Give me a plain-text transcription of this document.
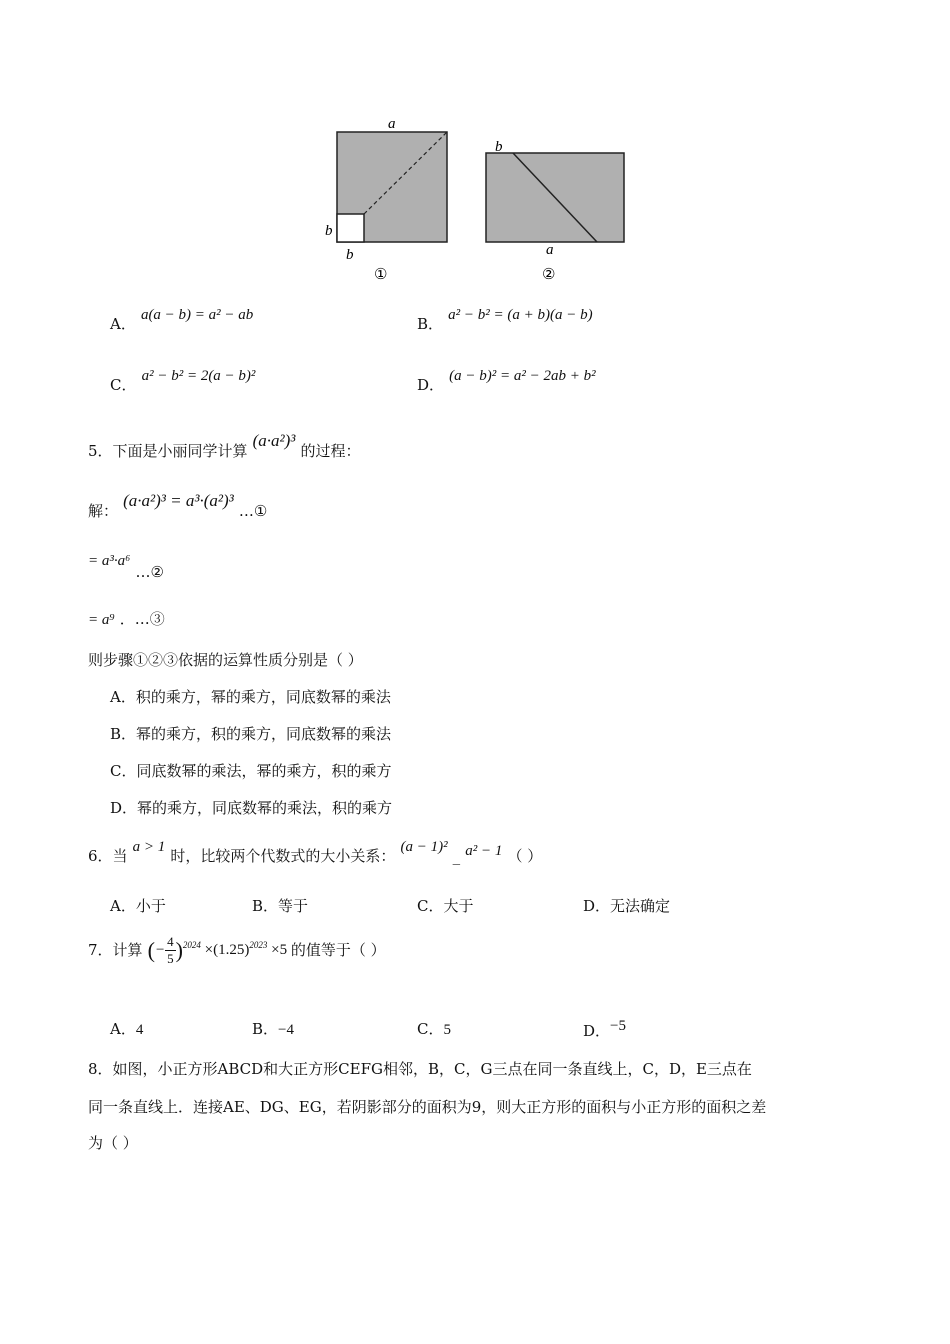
a
b
b
①
b
a
②
A． a(a − b) = a² − ab	B． a² − b² = (a + b)(a − b)
C． a² − b² = 2(a − b)²	D． (a − b)² = a² − 2ab + b²
5．下面是小丽同学计算 (a·a²)³ 的过程：
解： (a·a²)³ = a³·(a²)³ …①
= a³·a⁶ …②
= a⁹ ．…③
则步骤①②③依据的运算性质分别是（ ）
A．积的乘方，幂的乘方，同底数幂的乘法
B．幂的乘方，积的乘方，同底数幂的乘法
C．同底数幂的乘法，幂的乘方，积的乘方
D．幂的乘方，同底数幂的乘法，积的乘方
6．当 a > 1 时，比较两个代数式的大小关系： (a − 1)² _ a² − 1 （ ）
A．小于	B．等于	C．大于	D．无法确定
7．计算 (− $\frac{4}{5} )^{2024} \times(1.25)^{2023} \times 5$ 的值等于（ ）
A．4	B．−4	C．5	D．−5
8．如图，小正方形ABCD和大正方形CEFG相邻，B，C，G三点在同一条直线上，C，D，E三点在
同一条直线上．连接AE、DG、EG，若阴影部分的面积为9，则大正方形的面积与小正方形的面积之差
为（ ）
